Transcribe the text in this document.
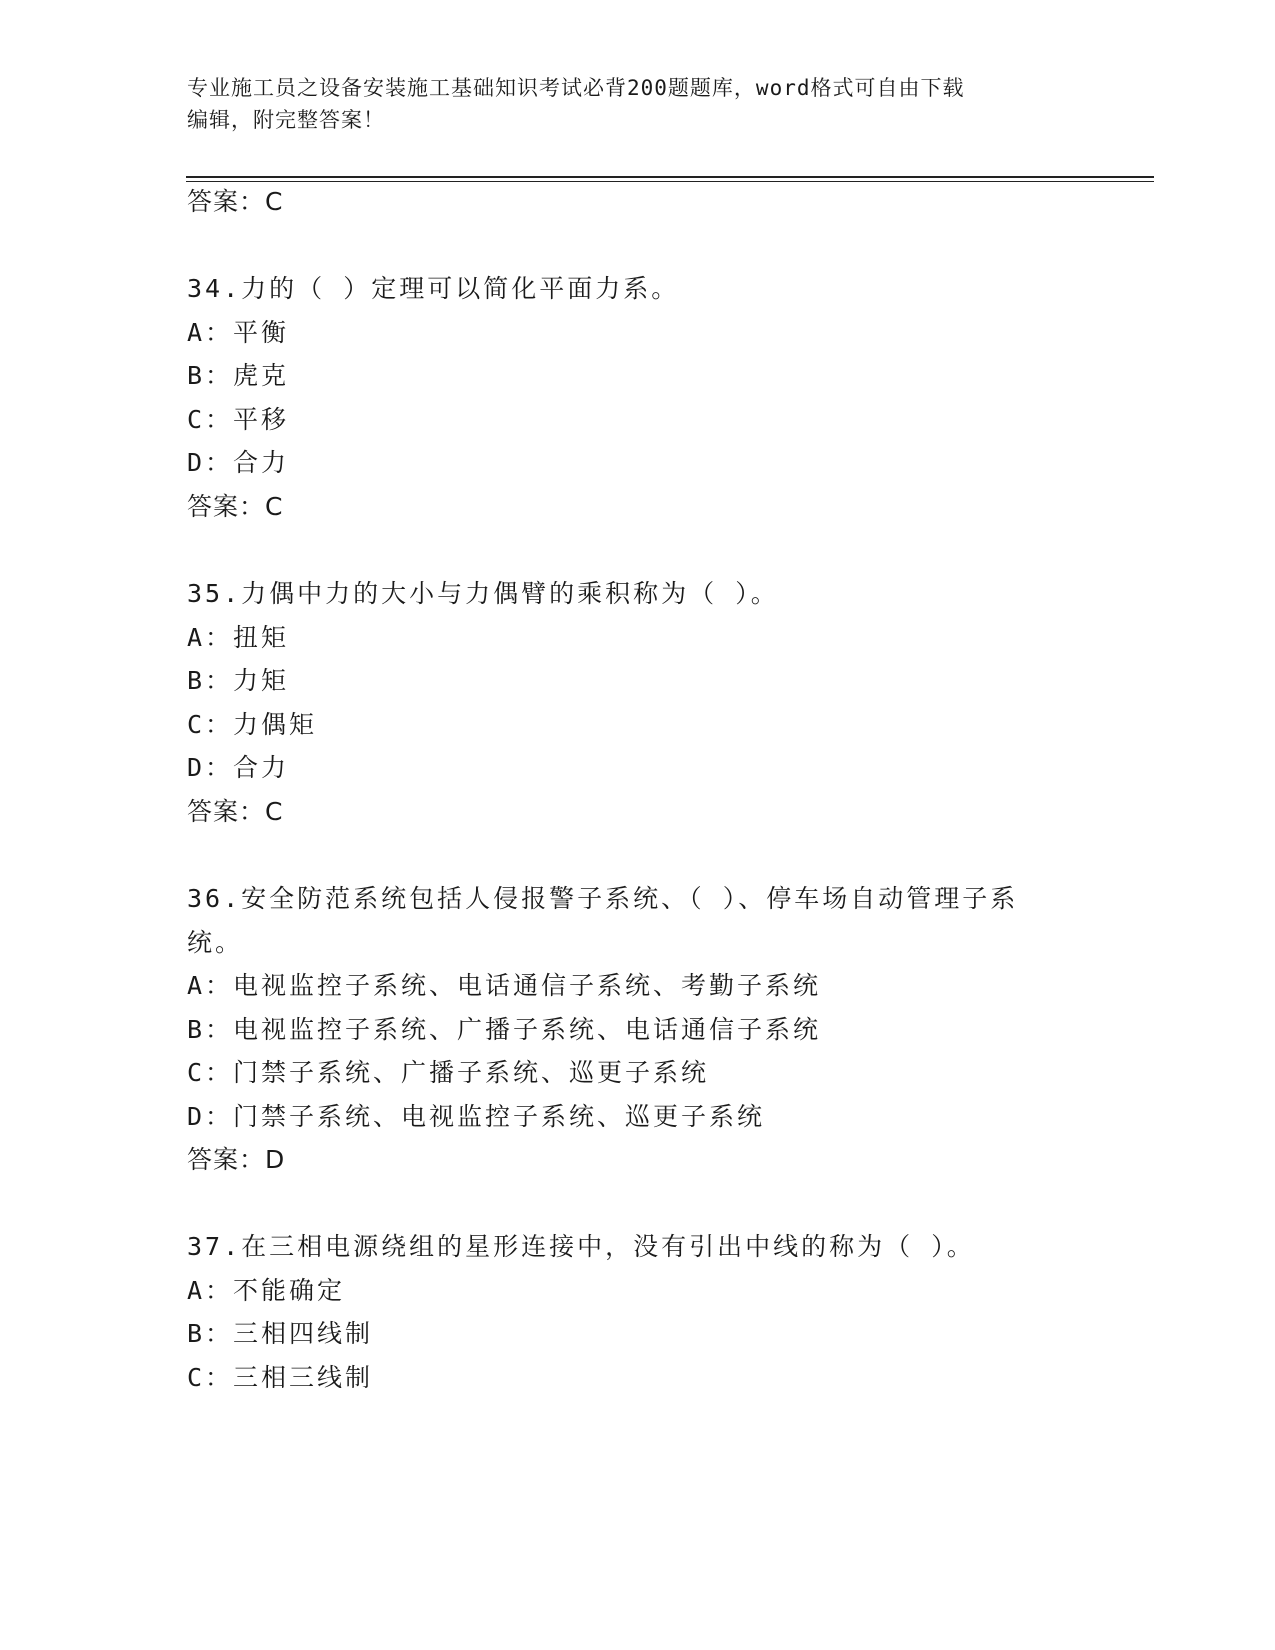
专业施工员之设备安装施工基础知识考试必背200题题库，word格式可自由下载
编辑，附完整答案！
答案：C
34.力的（ ）定理可以简化平面力系。
A：平衡
B：虎克
C：平移
D：合力
答案：C
35.力偶中力的大小与力偶臂的乘积称为（ ）。
A：扭矩
B：力矩
C：力偶矩
D：合力
答案：C
36.安全防范系统包括人侵报警子系统、（ ）、停车场自动管理子系
统。
A：电视监控子系统、电话通信子系统、考勤子系统
B：电视监控子系统、广播子系统、电话通信子系统
C：门禁子系统、广播子系统、巡更子系统
D：门禁子系统、电视监控子系统、巡更子系统
答案：D
37.在三相电源绕组的星形连接中，没有引出中线的称为（ ）。
A：不能确定
B：三相四线制
C：三相三线制
